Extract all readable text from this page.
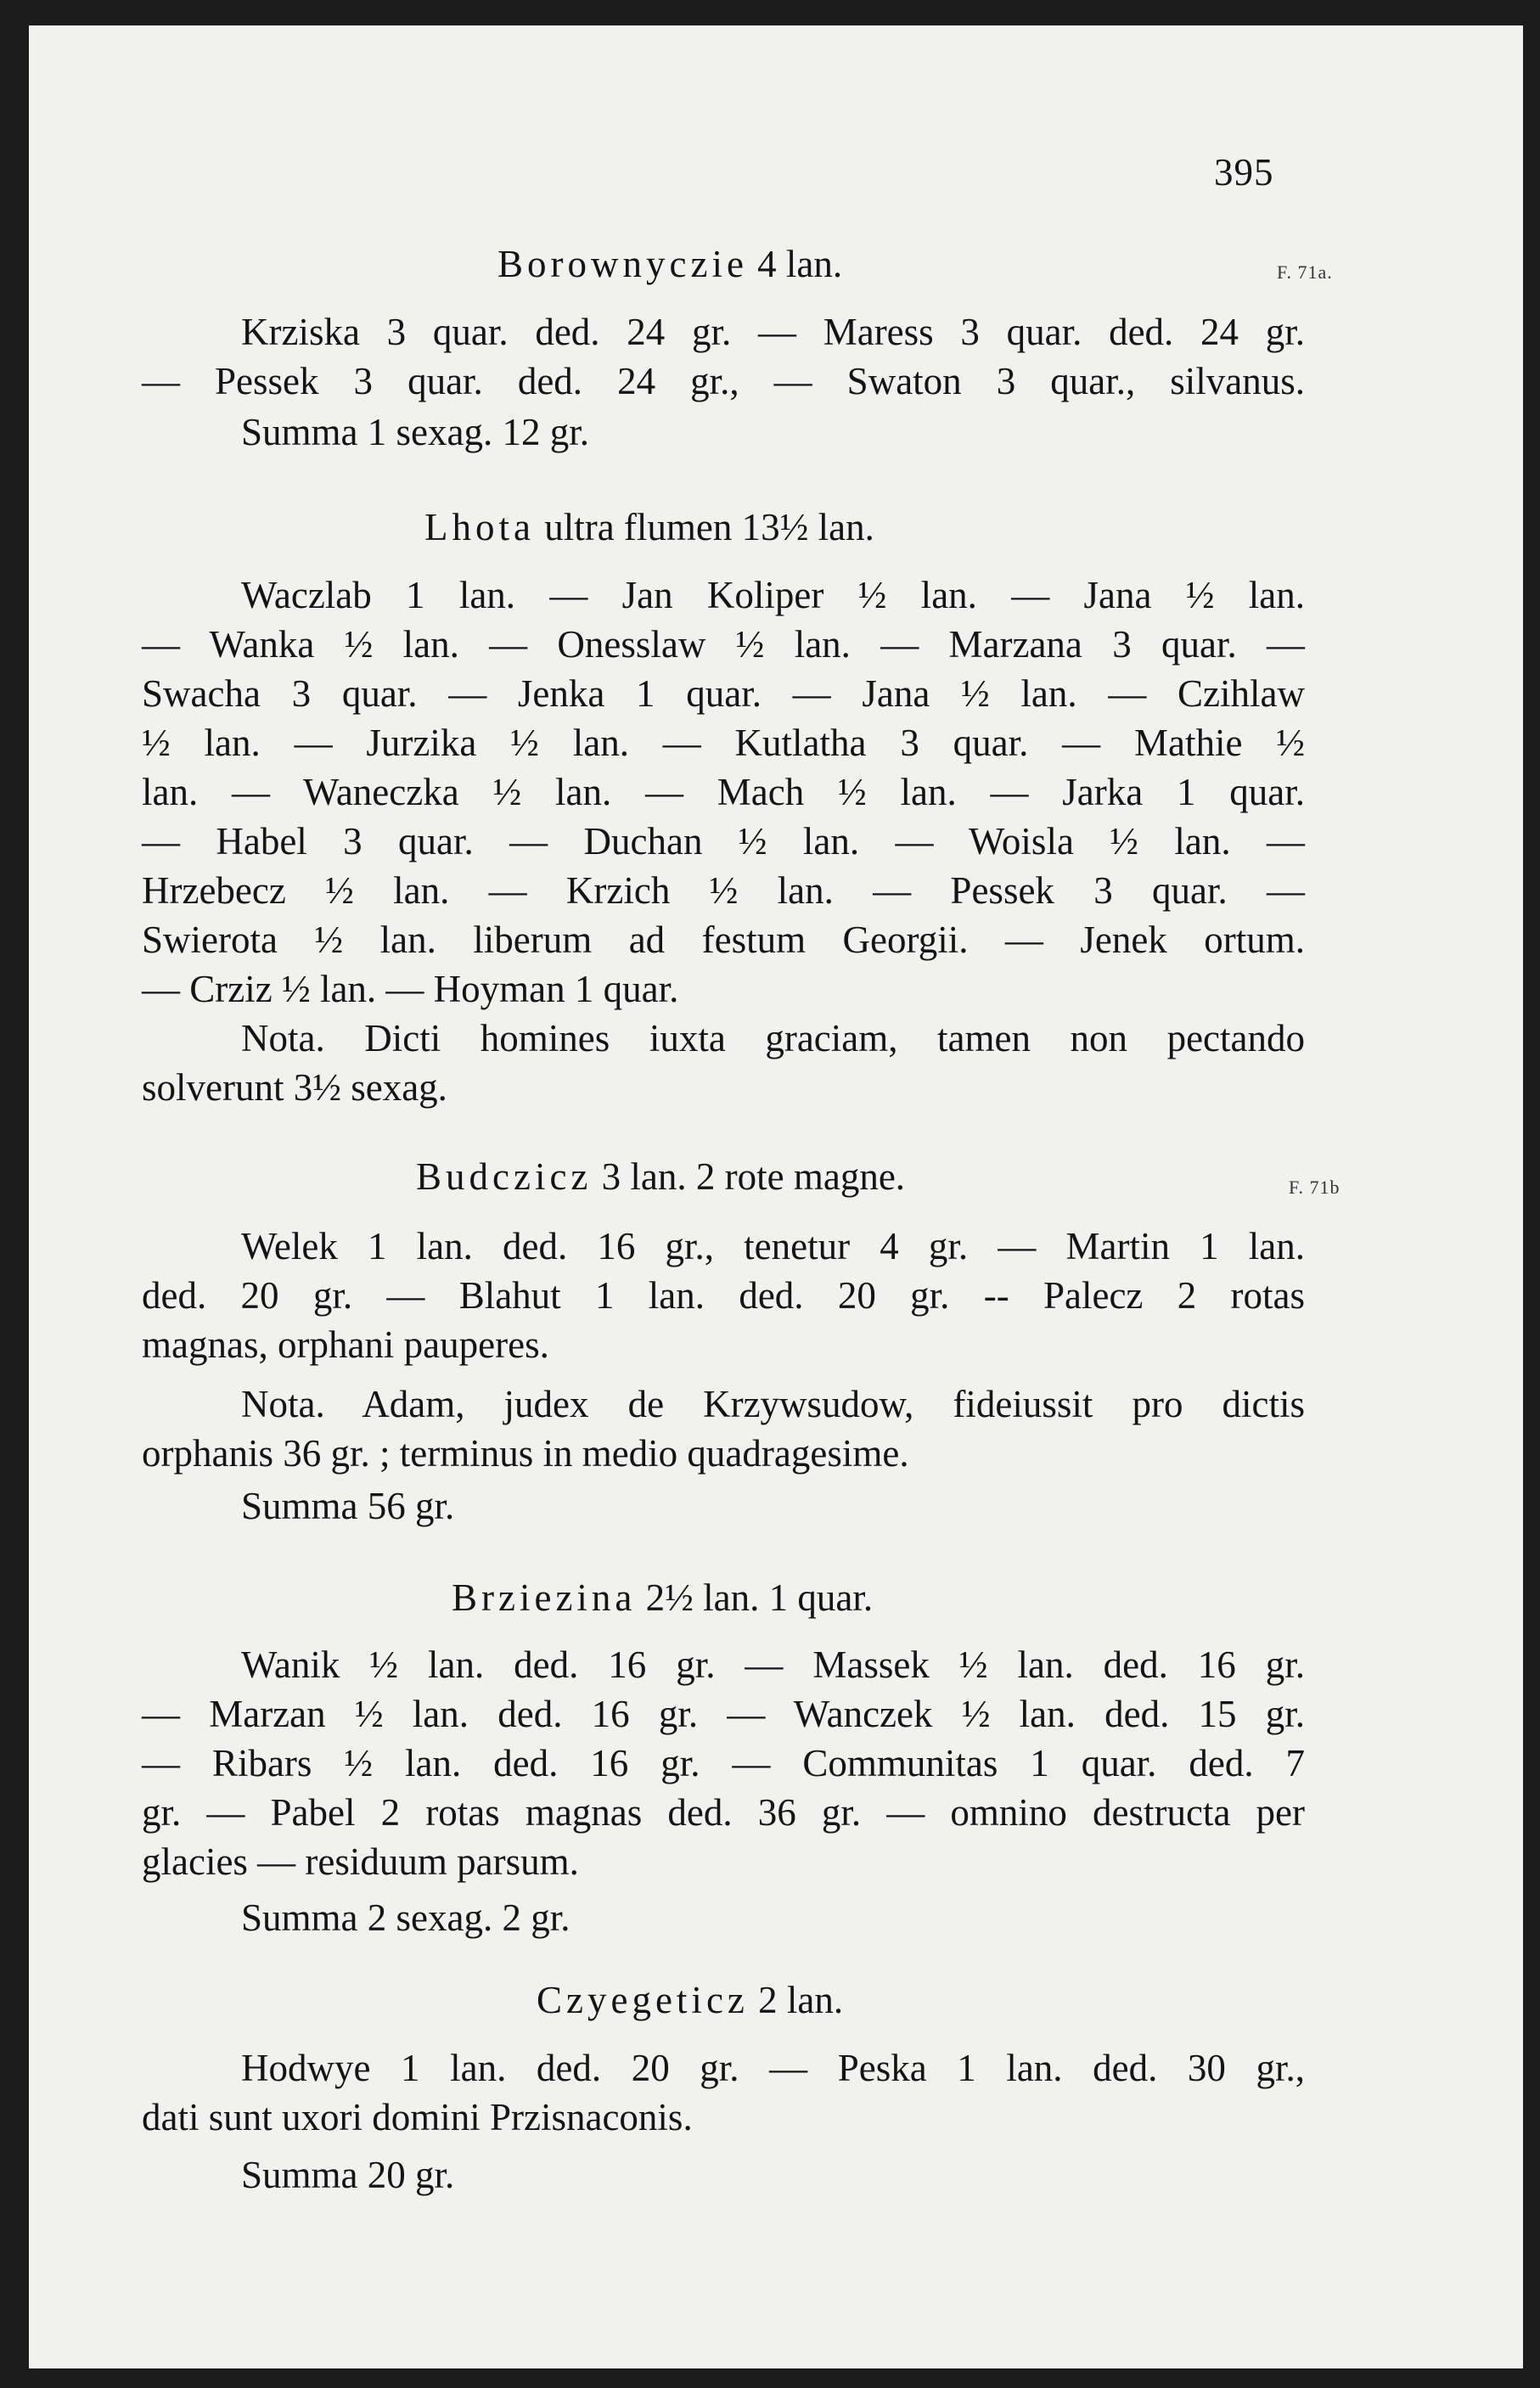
395
Borownyczie 4 lan.	F. 71a.
Krziska 3 quar. ded. 24 gr. — Maress 3 quar. ded. 24 gr.
— Pessek 3 quar. ded. 24 gr., — Swaton 3 quar., silvanus.
Summa 1 sexag. 12 gr.
Lhota ultra flumen 13½ lan.
Waczlab 1 lan. — Jan Koliper ½ lan. — Jana ½ lan.
— Wanka ½ lan. — Onesslaw ½ lan. — Marzana 3 quar. —
Swacha 3 quar. — Jenka 1 quar. — Jana ½ lan. — Czihlaw
½ lan. — Jurzika ½ lan. — Kutlatha 3 quar. — Mathie ½
lan. — Waneczka ½ lan. — Mach ½ lan. — Jarka 1 quar.
— Habel 3 quar. — Duchan ½ lan. — Woisla ½ lan. —
Hrzebecz ½ lan. — Krzich ½ lan. — Pessek 3 quar. —
Swierota ½ lan. liberum ad festum Georgii. — Jenek ortum.
— Crziz ½ lan. — Hoyman 1 quar.
Nota. Dicti homines iuxta graciam, tamen non pectando
solverunt 3½ sexag.
Budczicz 3 lan. 2 rote magne.	F. 71b
Welek 1 lan. ded. 16 gr., tenetur 4 gr. — Martin 1 lan.
ded. 20 gr. — Blahut 1 lan. ded. 20 gr. -- Palecz 2 rotas
magnas, orphani pauperes.
Nota. Adam, judex de Krzywsudow, fideiussit pro dictis
orphanis 36 gr. ; terminus in medio quadragesime.
Summa 56 gr.
Brziezina 2½ lan. 1 quar.
Wanik ½ lan. ded. 16 gr. — Massek ½ lan. ded. 16 gr.
— Marzan ½ lan. ded. 16 gr. — Wanczek ½ lan. ded. 15 gr.
— Ribars ½ lan. ded. 16 gr. — Communitas 1 quar. ded. 7
gr. — Pabel 2 rotas magnas ded. 36 gr. — omnino destructa per
glacies — residuum parsum.
Summa 2 sexag. 2 gr.
Czyegeticz 2 lan.
Hodwye 1 lan. ded. 20 gr. — Peska 1 lan. ded. 30 gr.,
dati sunt uxori domini Przisnaconis.
Summa 20 gr.
